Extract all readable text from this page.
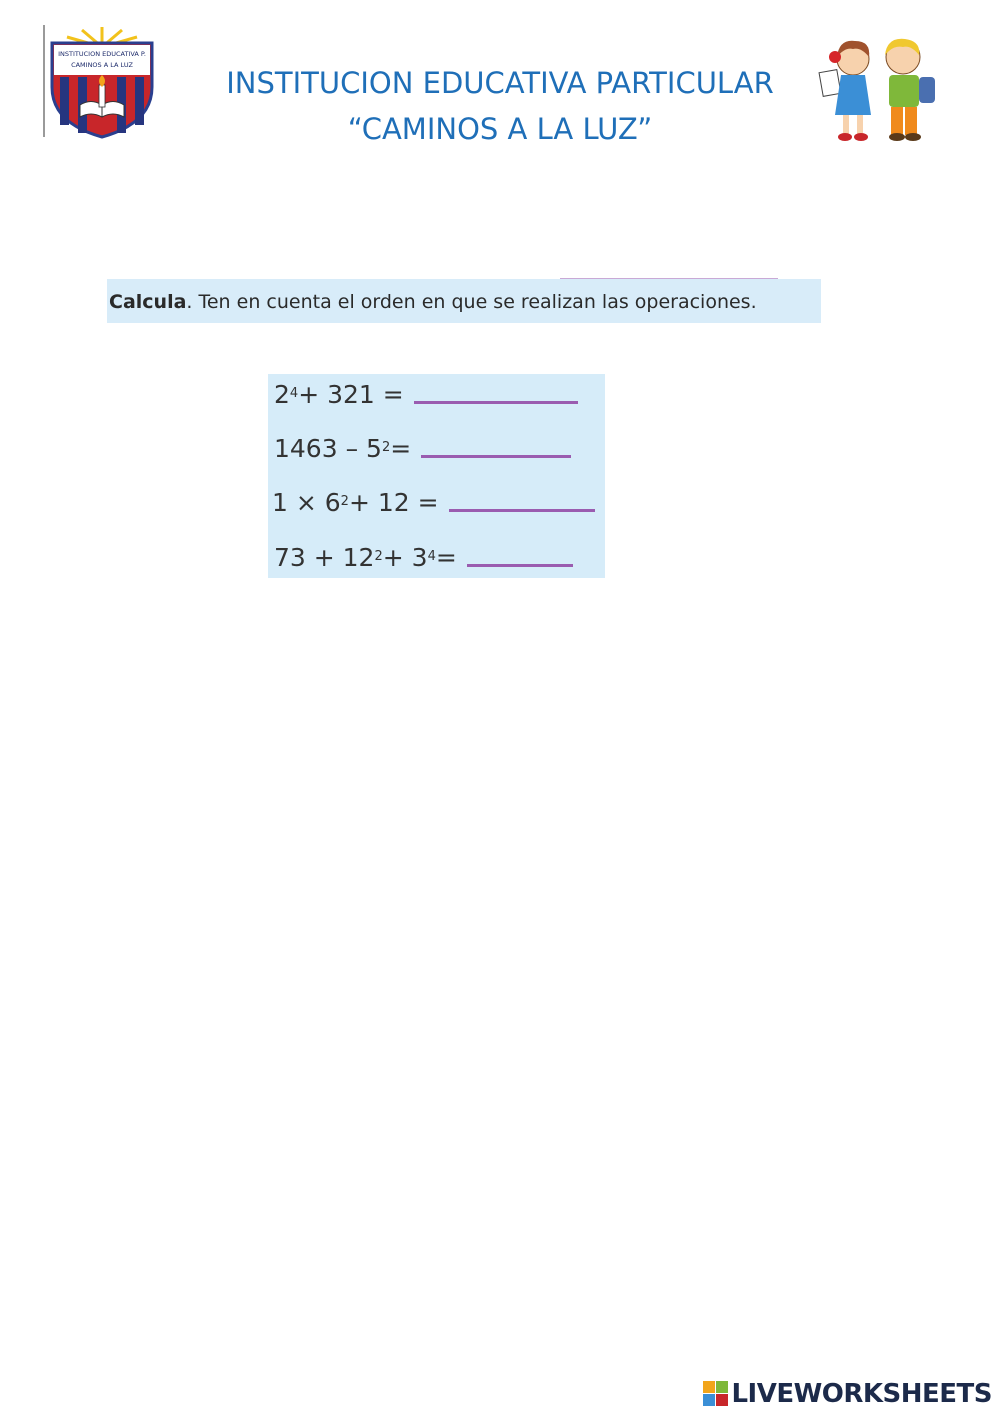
INSTITUCION EDUCATIVA P.
CAMINOS A LA LUZ
INSTITUCION EDUCATIVA PARTICULAR
“CAMINOS A LA LUZ”
Calcula. Ten en cuenta el orden en que se realizan las operaciones.
2 4 + 321 =
1463 – 5 2 =
1 × 6 2 + 12 =
73 + 12 2 + 3 4 =
LIVEWORKSHEETS
